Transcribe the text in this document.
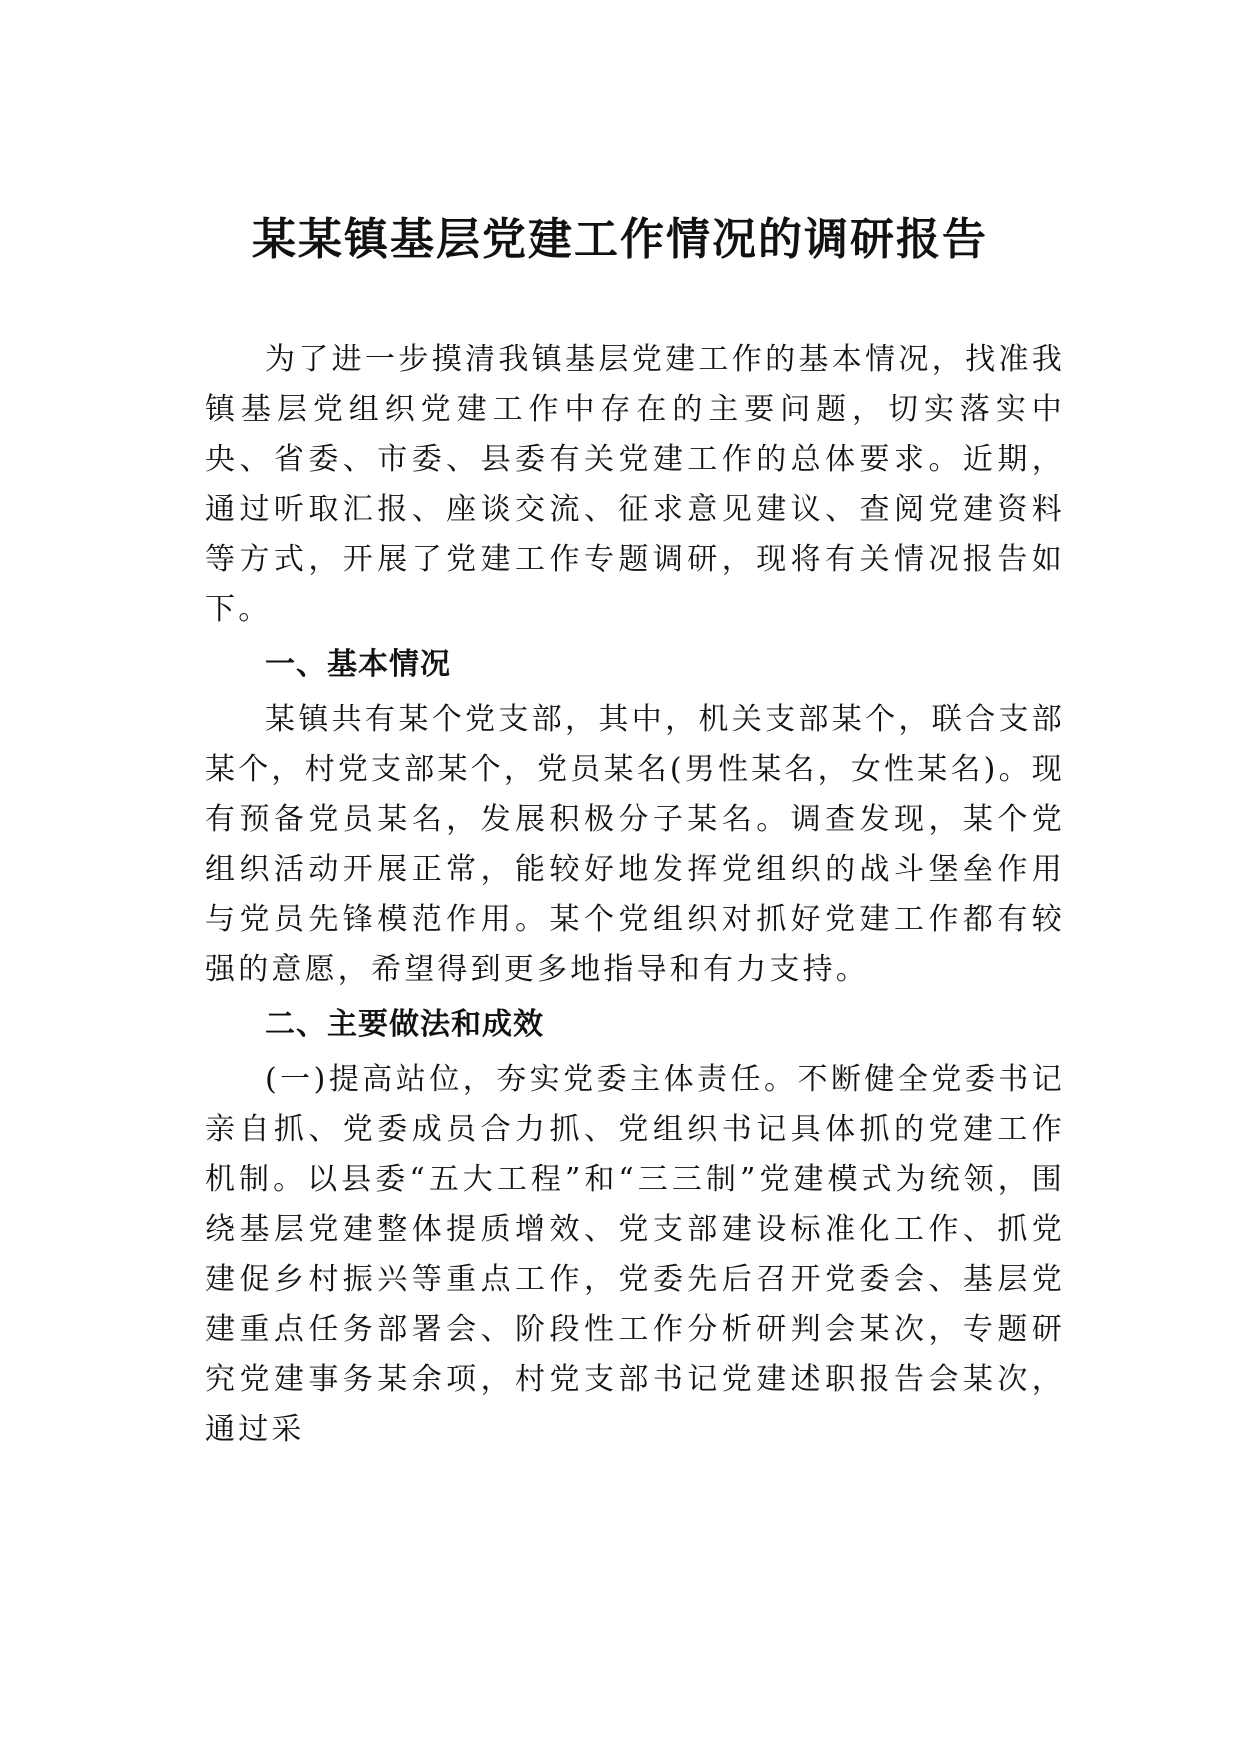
某某镇基层党建工作情况的调研报告

为了进一步摸清我镇基层党建工作的基本情况，找准我镇基层党组织党建工作中存在的主要问题，切实落实中央、省委、市委、县委有关党建工作的总体要求。近期，通过听取汇报、座谈交流、征求意见建议、查阅党建资料等方式，开展了党建工作专题调研，现将有关情况报告如下。

一、基本情况

某镇共有某个党支部，其中，机关支部某个，联合支部某个，村党支部某个，党员某名(男性某名，女性某名)。现有预备党员某名，发展积极分子某名。调查发现，某个党组织活动开展正常，能较好地发挥党组织的战斗堡垒作用与党员先锋模范作用。某个党组织对抓好党建工作都有较强的意愿，希望得到更多地指导和有力支持。

二、主要做法和成效

(一)提高站位，夯实党委主体责任。不断健全党委书记亲自抓、党委成员合力抓、党组织书记具体抓的党建工作机制。以县委“五大工程”和“三三制”党建模式为统领，围绕基层党建整体提质增效、党支部建设标准化工作、抓党建促乡村振兴等重点工作，党委先后召开党委会、基层党建重点任务部署会、阶段性工作分析研判会某次，专题研究党建事务某余项，村党支部书记党建述职报告会某次，通过采
